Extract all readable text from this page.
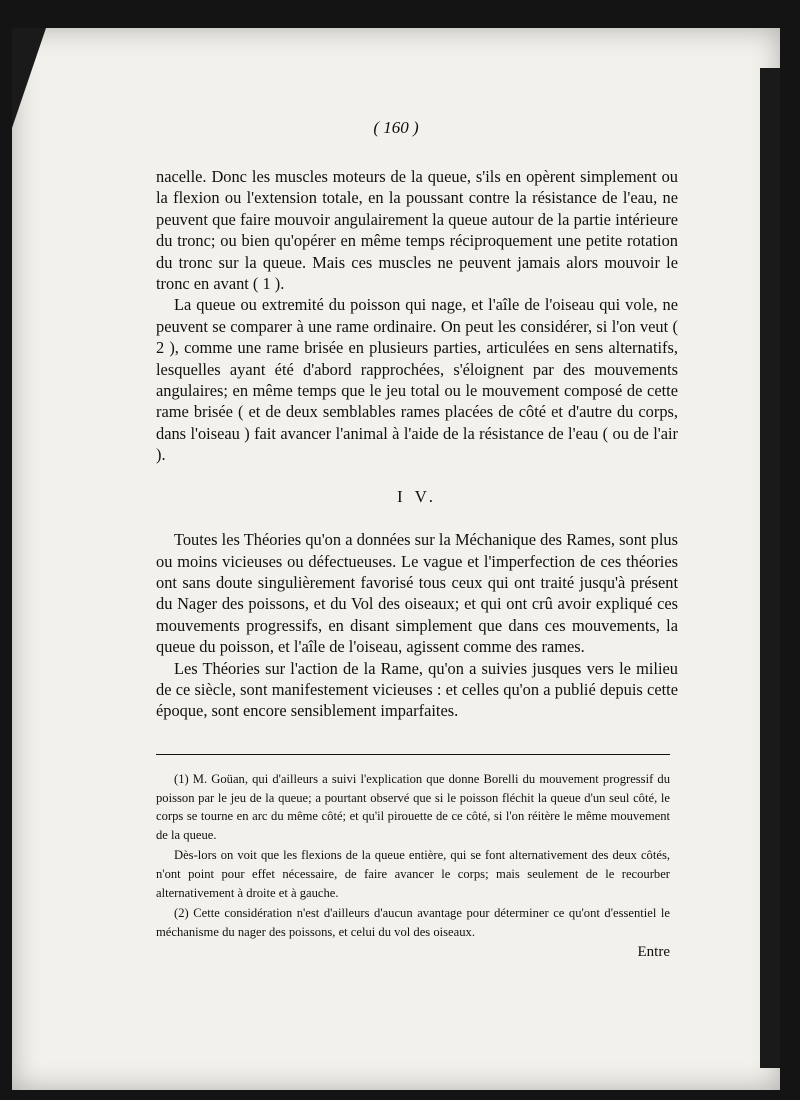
( 160 )

nacelle. Donc les muscles moteurs de la queue, s'ils en opèrent simplement ou la flexion ou l'extension totale, en la poussant contre la résistance de l'eau, ne peuvent que faire mouvoir angulairement la queue autour de la partie intérieure du tronc; ou bien qu'opérer en même temps réciproquement une petite rotation du tronc sur la queue. Mais ces muscles ne peuvent jamais alors mouvoir le tronc en avant ( 1 ).

La queue ou extremité du poisson qui nage, et l'aîle de l'oiseau qui vole, ne peuvent se comparer à une rame ordinaire. On peut les considérer, si l'on veut ( 2 ), comme une rame brisée en plusieurs parties, articulées en sens alternatifs, lesquelles ayant été d'abord rapprochées, s'éloignent par des mouvements angulaires; en même temps que le jeu total ou le mouvement composé de cette rame brisée ( et de deux semblables rames placées de côté et d'autre du corps, dans l'oiseau ) fait avancer l'animal à l'aide de la résistance de l'eau ( ou de l'air ).

I V.

Toutes les Théories qu'on a données sur la Méchanique des Rames, sont plus ou moins vicieuses ou défectueuses. Le vague et l'imperfection de ces théories ont sans doute singulièrement favorisé tous ceux qui ont traité jusqu'à présent du Nager des poissons, et du Vol des oiseaux; et qui ont crû avoir expliqué ces mouvements progressifs, en disant simplement que dans ces mouvements, la queue du poisson, et l'aîle de l'oiseau, agissent comme des rames.

Les Théories sur l'action de la Rame, qu'on a suivies jusques vers le milieu de ce siècle, sont manifestement vicieuses : et celles qu'on a publié depuis cette époque, sont encore sensiblement imparfaites.

(1) M. Goüan, qui d'ailleurs a suivi l'explication que donne Borelli du mouvement progressif du poisson par le jeu de la queue; a pourtant observé que si le poisson fléchit la queue d'un seul côté, le corps se tourne en arc du même côté; et qu'il pirouette de ce côté, si l'on réitère le même mouvement de la queue.

Dès-lors on voit que les flexions de la queue entière, qui se font alternativement des deux côtés, n'ont point pour effet nécessaire, de faire avancer le corps; mais seulement de le recourber alternativement à droite et à gauche.

(2) Cette considération n'est d'ailleurs d'aucun avantage pour déterminer ce qu'ont d'essentiel le méchanisme du nager des poissons, et celui du vol des oiseaux.

Entre
